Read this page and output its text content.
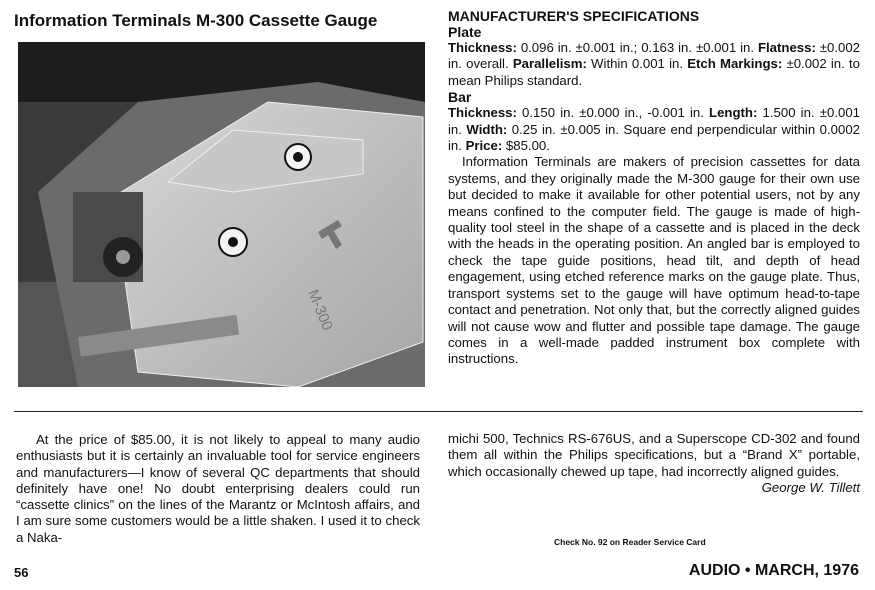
Information Terminals M-300 Cassette Gauge
M-300
MANUFACTURER'S SPECIFICATIONS
Plate

Thickness: 0.096 in. ±0.001 in.; 0.163 in. ±0.001 in. Flatness: ±0.002 in. overall. Parallelism: Within 0.001 in. Etch Markings: ±0.002 in. to mean Philips standard.

Bar

Thickness: 0.150 in. ±0.000 in., -0.001 in. Length: 1.500 in. ±0.001 in. Width: 0.25 in. ±0.005 in. Square end perpendicular within 0.0002 in. Price: $85.00.

Information Terminals are makers of precision cassettes for data systems, and they originally made the M-300 gauge for their own use but decided to make it available for other potential users, not by any means confined to the computer field. The gauge is made of high-quality tool steel in the shape of a cassette and is placed in the deck with the heads in the operating position. An angled bar is employed to check the tape guide positions, head tilt, and depth of head engagement, using etched reference marks on the gauge plate. Thus, transport systems set to the gauge will have optimum head-to-tape contact and penetration. Not only that, but the correctly aligned guides will not cause wow and flutter and possible tape damage. The gauge comes in a well-made padded instrument box complete with instructions.

At the price of $85.00, it is not likely to appeal to many audio enthusiasts but it is certainly an invaluable tool for service engineers and manufacturers—I know of several QC departments that should definitely have one! No doubt enterprising dealers could run “cassette clinics” on the lines of the Marantz or McIntosh affairs, and I am sure some customers would be a little shaken. I used it to check a Naka-
michi 500, Technics RS-676US, and a Superscope CD-302 and found them all within the Philips specifications, but a “Brand X” portable, which occasionally chewed up tape, had incorrectly aligned guides.
George W. Tillett
Check No. 92 on Reader Service Card
56	AUDIO • MARCH, 1976
